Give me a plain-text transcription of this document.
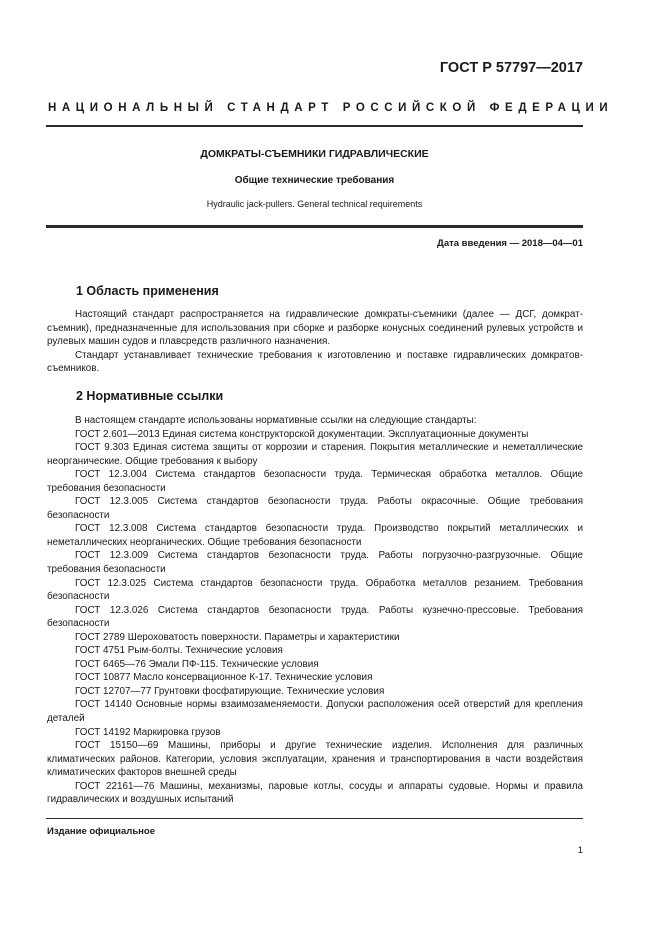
ГОСТ Р 57797—2017
НАЦИОНАЛЬНЫЙ СТАНДАРТ РОССИЙСКОЙ ФЕДЕРАЦИИ
ДОМКРАТЫ-СЪЕМНИКИ ГИДРАВЛИЧЕСКИЕ
Общие технические требования
Hydraulic jack-pullers. General technical requirements
Дата введения — 2018—04—01
1 Область применения

Настоящий стандарт распространяется на гидравлические домкраты-съемники (далее — ДСГ, домкрат-съемник), предназначенные для использования при сборке и разборке конусных соединений рулевых устройств и рулевых машин судов и плавсредств различного назначения.

Стандарт устанавливает технические требования к изготовлению и поставке гидравлических домкратов-съемников.

2 Нормативные ссылки

В настоящем стандарте использованы нормативные ссылки на следующие стандарты:

ГОСТ 2.601—2013 Единая система конструкторской документации. Эксплуатационные документы

ГОСТ 9.303 Единая система защиты от коррозии и старения. Покрытия металлические и неметаллические неорганические. Общие требования к выбору

ГОСТ 12.3.004 Система стандартов безопасности труда. Термическая обработка металлов. Общие требования безопасности

ГОСТ 12.3.005 Система стандартов безопасности труда. Работы окрасочные. Общие требования безопасности

ГОСТ 12.3.008 Система стандартов безопасности труда. Производство покрытий металлических и неметаллических неорганических. Общие требования безопасности

ГОСТ 12.3.009 Система стандартов безопасности труда. Работы погрузочно-разгрузочные. Общие требования безопасности

ГОСТ 12.3.025 Система стандартов безопасности труда. Обработка металлов резанием. Требования безопасности

ГОСТ 12.3.026 Система стандартов безопасности труда. Работы кузнечно-прессовые. Требования безопасности

ГОСТ 2789 Шероховатость поверхности. Параметры и характеристики

ГОСТ 4751 Рым-болты. Технические условия

ГОСТ 6465—76 Эмали ПФ-115. Технические условия

ГОСТ 10877 Масло консервационное К-17. Технические условия

ГОСТ 12707—77 Грунтовки фосфатирующие. Технические условия

ГОСТ 14140 Основные нормы взаимозаменяемости. Допуски расположения осей отверстий для крепления деталей

ГОСТ 14192 Маркировка грузов

ГОСТ 15150—69 Машины, приборы и другие технические изделия. Исполнения для различных климатических районов. Категории, условия эксплуатации, хранения и транспортирования в части воздействия климатических факторов внешней среды

ГОСТ 22161—76 Машины, механизмы, паровые котлы, сосуды и аппараты судовые. Нормы и правила гидравлических и воздушных испытаний

Издание официальное
1
